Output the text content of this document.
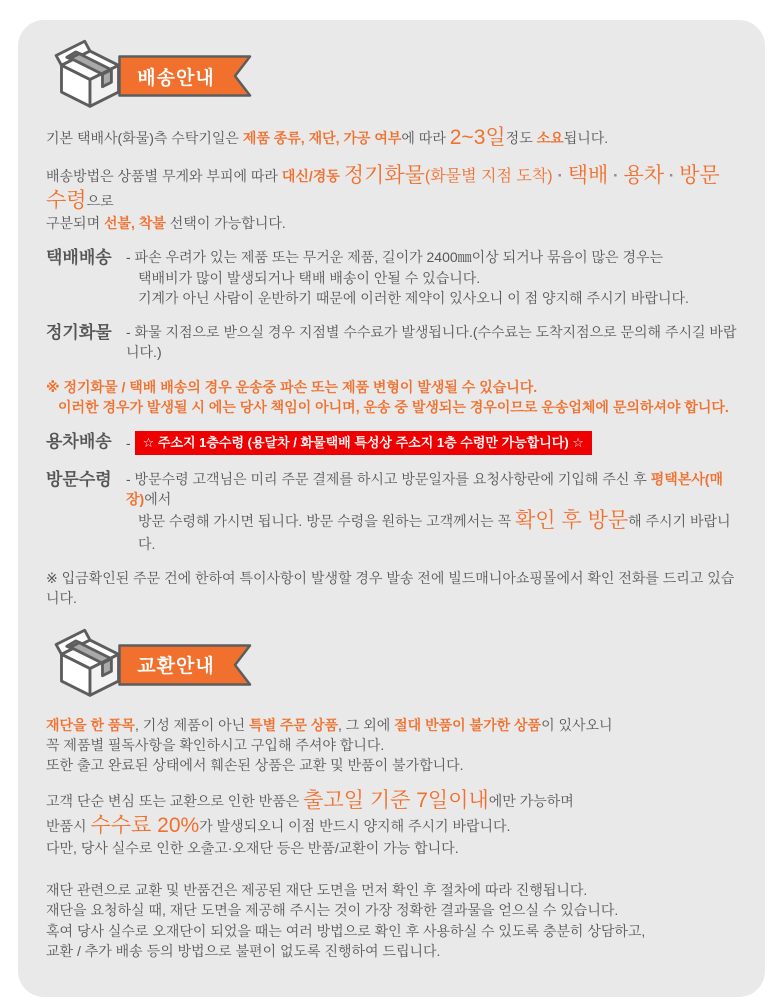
배송안내
기본 택배사(화물)측 수탁기일은 제품 종류, 재단, 가공 여부에 따라 2~3일정도 소요됩니다.
배송방법은 상품별 무게와 부피에 따라 대신/경동 정기화물(화물별 지점 도착) · 택배 · 용차 · 방문수령으로
구분되며 선불, 착불 선택이 가능합니다.
택배배송	- 파손 우려가 있는 제품 또는 무거운 제품, 길이가 2400㎜이상 되거나 묶음이 많은 경우는
택배비가 많이 발생되거나 택배 배송이 안될 수 있습니다.
기계가 아닌 사람이 운반하기 때문에 이러한 제약이 있사오니 이 점 양지해 주시기 바랍니다.
정기화물	- 화물 지점으로 받으실 경우 지점별 수수료가 발생됩니다.(수수료는 도착지점으로 문의해 주시길 바랍니다.)
※ 정기화물 / 택배 배송의 경우 운송중 파손 또는 제품 변형이 발생될 수 있습니다.
이러한 경우가 발생될 시 에는 당사 책임이 아니며, 운송 중 발생되는 경우이므로 운송업체에 문의하셔야 합니다.
용차배송	- ☆ 주소지 1층수령 (용달차 / 화물택배 특성상 주소지 1층 수령만 가능합니다) ☆
방문수령	- 방문수령 고객님은 미리 주문 결제를 하시고 방문일자를 요청사항란에 기입해 주신 후 평택본사(매장)에서
방문 수령해 가시면 됩니다. 방문 수령을 원하는 고객께서는 꼭 확인 후 방문해 주시기 바랍니다.
※ 입금확인된 주문 건에 한하여 특이사항이 발생할 경우 발송 전에 빌드매니아쇼핑몰에서 확인 전화를 드리고 있습니다.
교환안내
재단을 한 품목, 기성 제품이 아닌 특별 주문 상품, 그 외에 절대 반품이 불가한 상품이 있사오니
꼭 제품별 필독사항을 확인하시고 구입해 주셔야 합니다.
또한 출고 완료된 상태에서 훼손된 상품은 교환 및 반품이 불가합니다.
고객 단순 변심 또는 교환으로 인한 반품은 출고일 기준 7일이내에만 가능하며
반품시 수수료 20%가 발생되오니 이점 반드시 양지해 주시기 바랍니다.
다만, 당사 실수로 인한 오출고·오재단 등은 반품/교환이 가능 합니다.
재단 관련으로 교환 및 반품건은 제공된 재단 도면을 먼저 확인 후 절차에 따라 진행됩니다.
재단을 요청하실 때, 재단 도면을 제공해 주시는 것이 가장 정확한 결과물을 얻으실 수 있습니다.
혹여 당사 실수로 오재단이 되었을 때는 여러 방법으로 확인 후 사용하실 수 있도록 충분히 상담하고,
교환 / 추가 배송 등의 방법으로 불편이 없도록 진행하여 드립니다.
